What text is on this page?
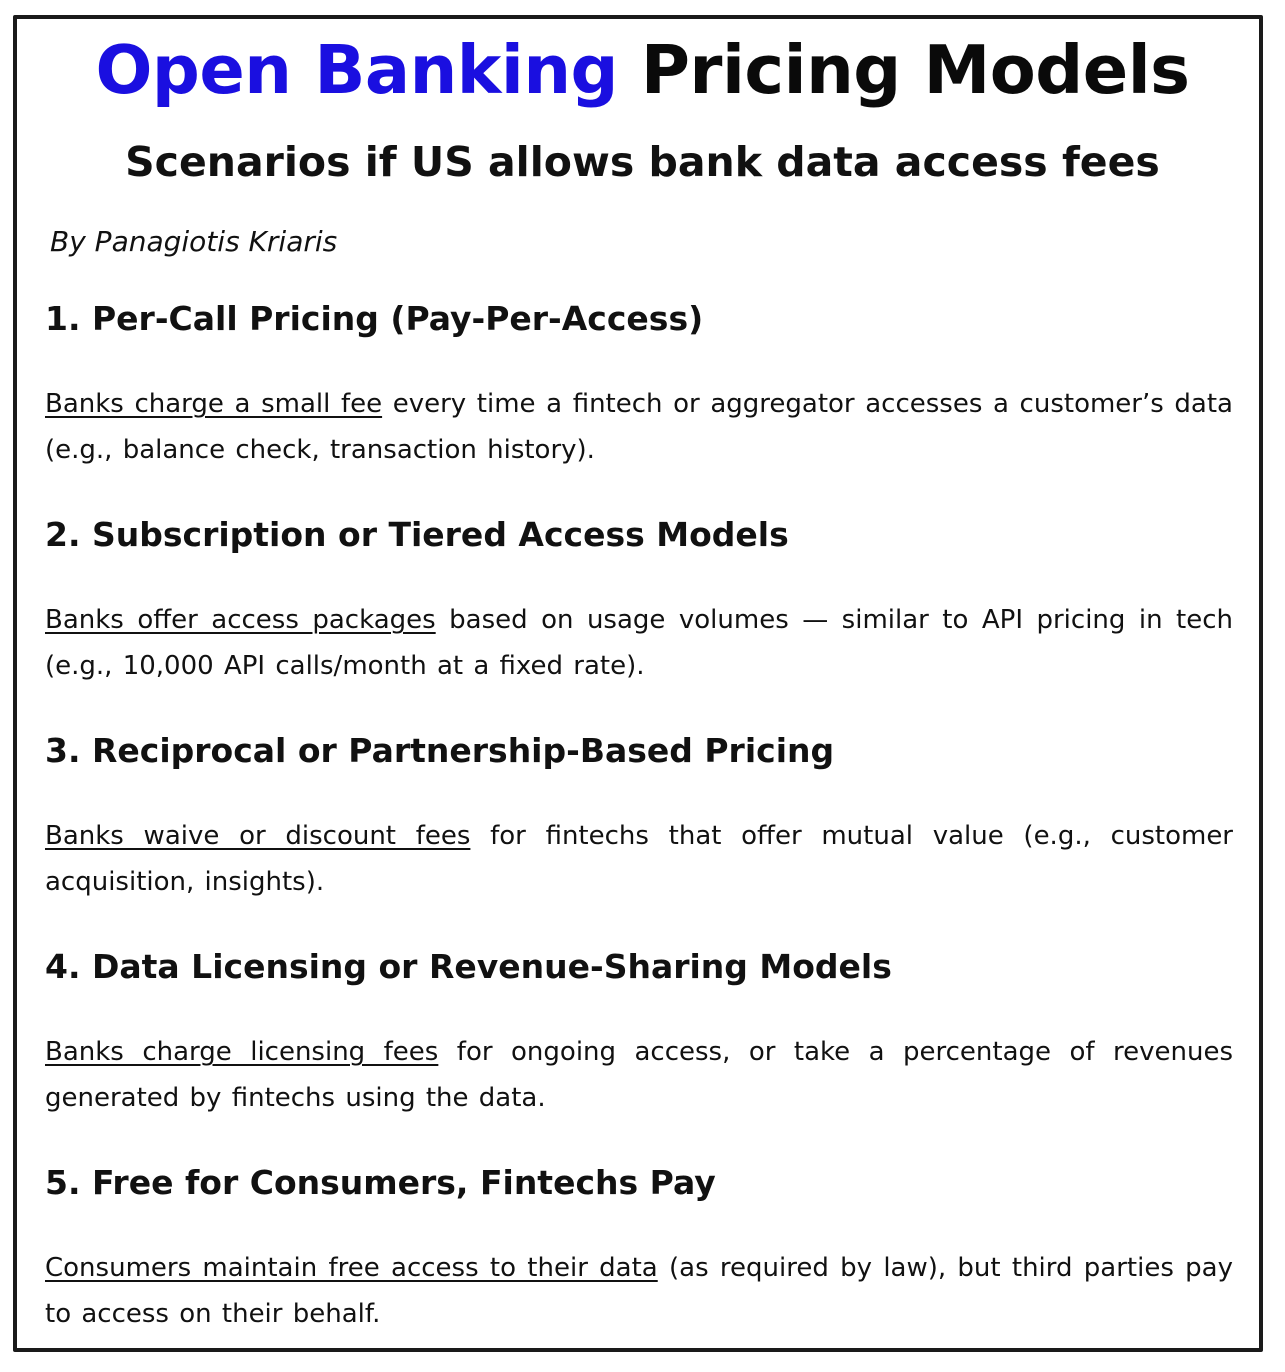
Open Banking Pricing Models
Scenarios if US allows bank data access fees
By Panagiotis Kriaris
1. Per-Call Pricing (Pay-Per-Access)

Banks charge a small fee every time a fintech or aggregator accesses a customer’s data (e.g., balance check, transaction history).

2. Subscription or Tiered Access Models

Banks offer access packages based on usage volumes — similar to API pricing in tech (e.g., 10,000 API calls/month at a fixed rate).

3. Reciprocal or Partnership-Based Pricing

Banks waive or discount fees for fintechs that offer mutual value (e.g., customer acquisition, insights).

4. Data Licensing or Revenue-Sharing Models

Banks charge licensing fees for ongoing access, or take a percentage of revenues generated by fintechs using the data.

5. Free for Consumers, Fintechs Pay

Consumers maintain free access to their data (as required by law), but third parties pay to access on their behalf.
